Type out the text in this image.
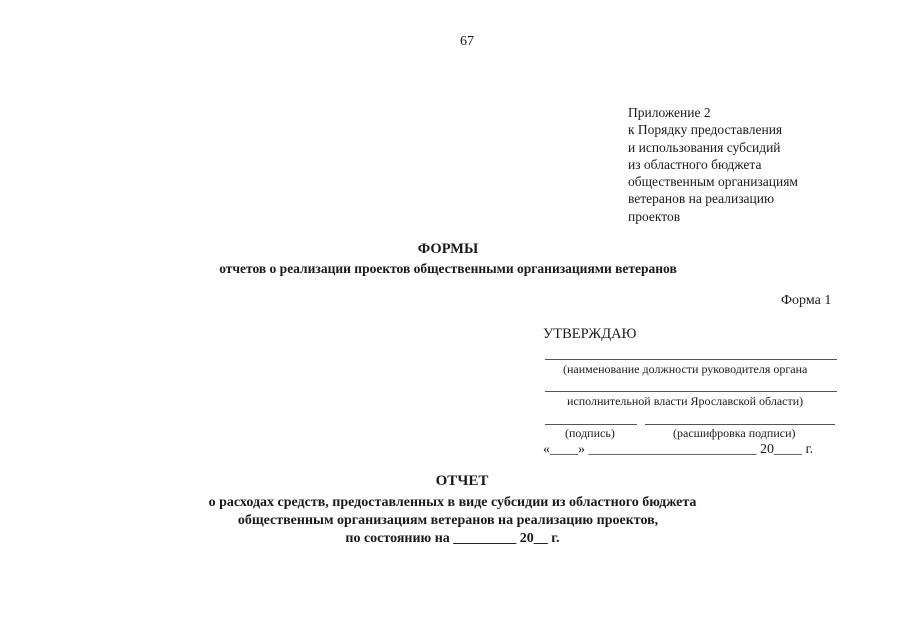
67
Приложение 2
к Порядку предоставления
и использования субсидий
из областного бюджета
общественным организациям
ветеранов на реализацию
проектов
ФОРМЫ
отчетов о реализации проектов общественными организациями ветеранов
Форма 1
УТВЕРЖДАЮ
(наименование должности руководителя органа
исполнительной власти Ярославской области)
(подпись)	(расшифровка подписи)
«____» ________________________ 20____ г.
ОТЧЕТ
о расходах средств, предоставленных в виде субсидии из областного бюджета
общественным организациям ветеранов на реализацию проектов,
по состоянию на _________ 20__ г.
